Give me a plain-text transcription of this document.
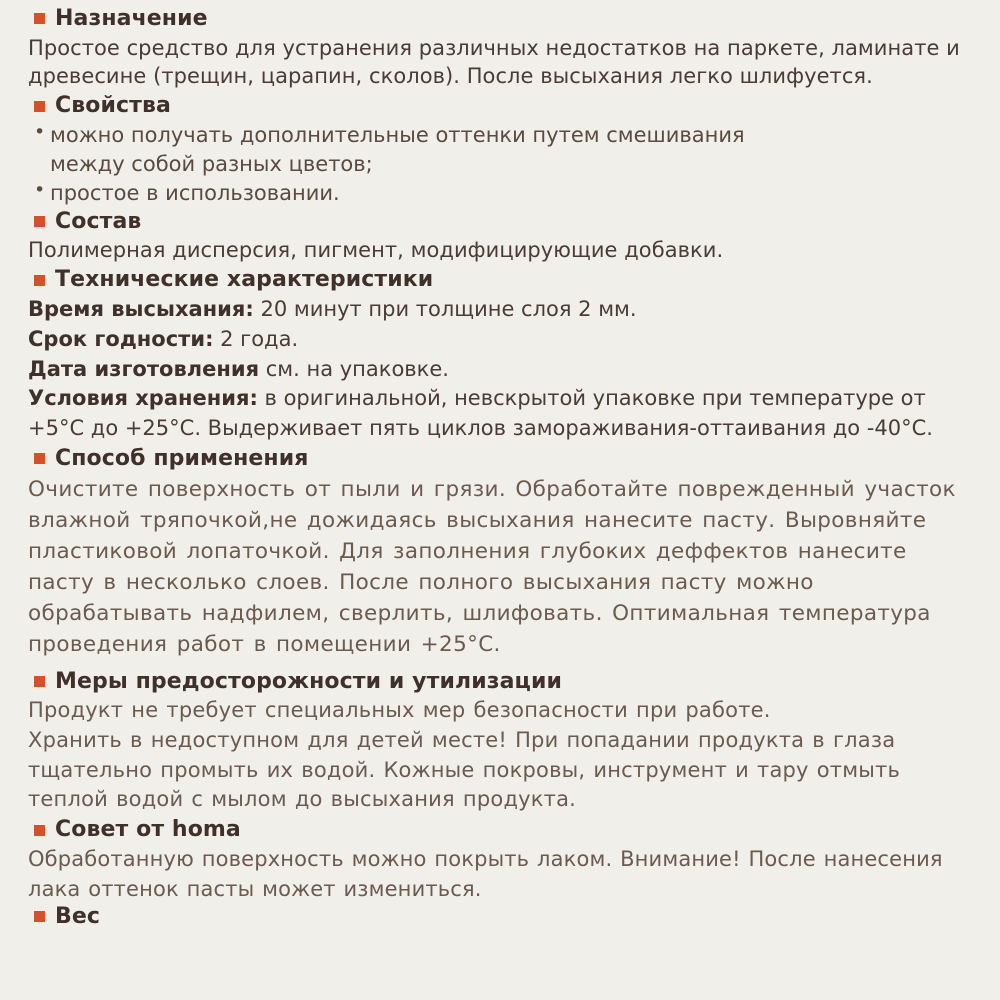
Назначение

Простое средство для устранения различных недостатков на паркете, ламинате и древесине (трещин, царапин, сколов). После высыхания легко шлифуется.

Свойства
• можно получать дополнительные оттенки путем смешивания
между собой разных цветов;
• простое в использовании.
Состав

Полимерная дисперсия, пигмент, модифицирующие добавки.

Технические характеристики

Время высыхания: 20 минут при толщине слоя 2 мм.

Срок годности: 2 года.

Дата изготовления см. на упаковке.

Условия хранения: в оригинальной, невскрытой упаковке при температуре от +5°C до +25°C. Выдерживает пять циклов замораживания-оттаивания до -40°C.

Способ применения

Очистите поверхность от пыли и грязи. Обработайте поврежденный участок влажной тряпочкой,не дожидаясь высыхания нанесите пасту. Выровняйте пластиковой лопаточкой. Для заполнения глубоких деффектов нанесите пасту в несколько слоев. После полного высыхания пасту можно обрабатывать надфилем, сверлить, шлифовать. Оптимальная температура проведения работ в помещении +25°C.

Меры предосторожности и утилизации

Продукт не требует специальных мер безопасности при работе.

Хранить в недоступном для детей месте! При попадании продукта в глаза тщательно промыть их водой. Кожные покровы, инструмент и тару отмыть теплой водой с мылом до высыхания продукта.

Совет от homa

Обработанную поверхность можно покрыть лаком. Внимание! После нанесения лака оттенок пасты может измениться.

Вес
